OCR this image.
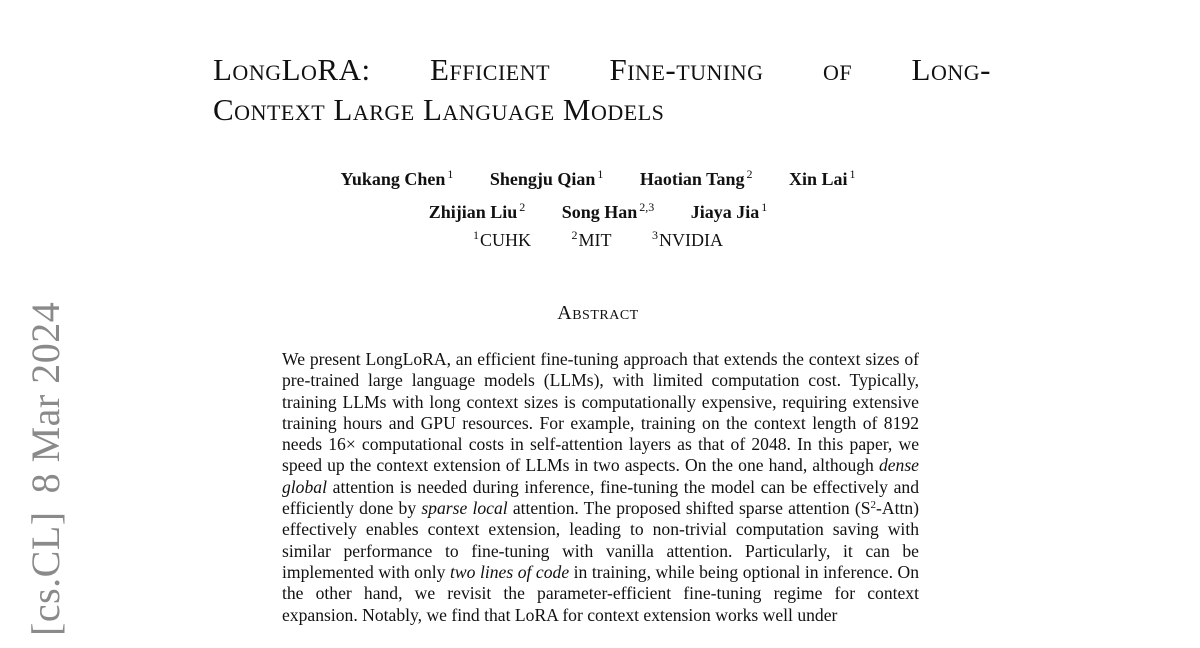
LongLoRA: Efficient Fine-tuning of Long-
Context Large Language Models
Yukang Chen $^1$ Shengju Qian $^1$ Haotian Tang $^2$ Xin Lai $^1$
Zhijian Liu $^2$ Song Han $^{2,3}$ Jiaya Jia $^1$
$^1$CUHK	$^2$MIT	$^3$NVIDIA
Abstract
We present LongLoRA, an efficient fine-tuning approach that extends the context sizes of pre-trained large language models (LLMs), with limited computation cost. Typically, training LLMs with long context sizes is computationally expensive, requiring extensive training hours and GPU resources. For example, training on the context length of 8192 needs 16× computational costs in self-attention layers as that of 2048. In this paper, we speed up the context extension of LLMs in two aspects. On the one hand, although dense global attention is needed during inference, fine-tuning the model can be effectively and efficiently done by sparse local attention. The proposed shifted sparse attention $(S^2-Attn)$ effectively enables context extension, leading to non-trivial computation saving with similar performance to fine-tuning with vanilla attention. Particularly, it can be implemented with only two lines of code in training, while being optional in inference. On the other hand, we revisit the parameter-efficient fine-tuning regime for context expansion. Notably, we find that LoRA for context extension works well under
[cs.CL]8 Mar 2024
